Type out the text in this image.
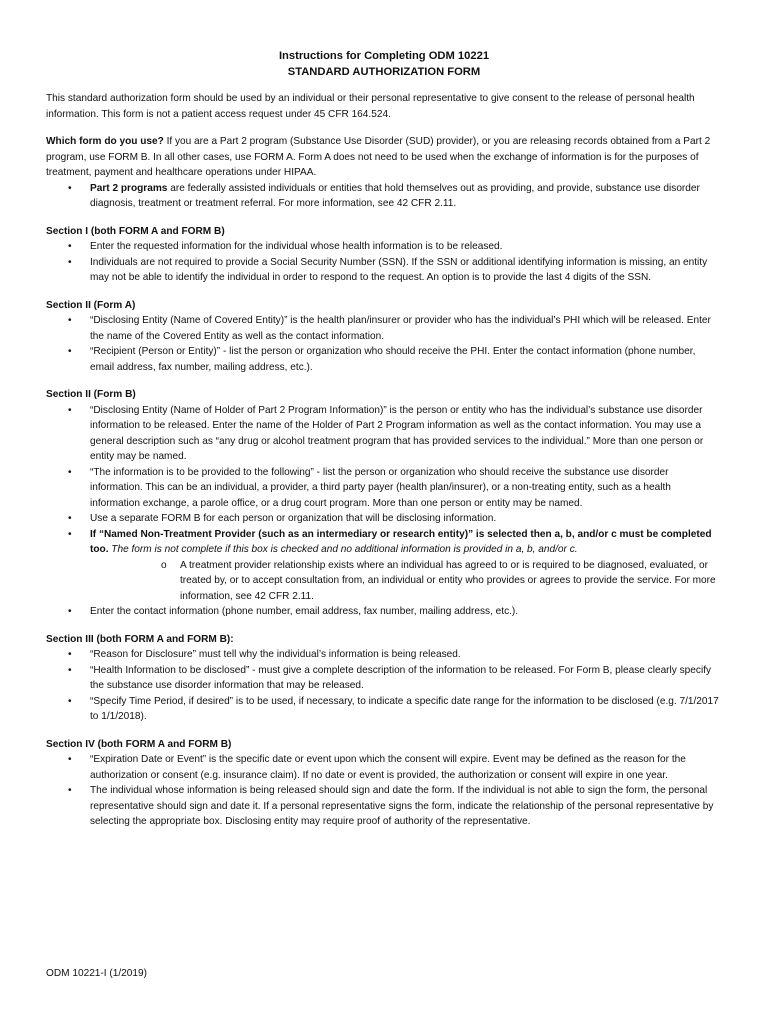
Instructions for Completing ODM 10221
STANDARD AUTHORIZATION FORM

This standard authorization form should be used by an individual or their personal representative to give consent to the release of personal health information. This form is not a patient access request under 45 CFR 164.524.

Which form do you use? If you are a Part 2 program (Substance Use Disorder (SUD) provider), or you are releasing records obtained from a Part 2 program, use FORM B. In all other cases, use FORM A. Form A does not need to be used when the exchange of information is for the purposes of treatment, payment and healthcare operations under HIPAA.

• Part 2 programs are federally assisted individuals or entities that hold themselves out as providing, and provide, substance use disorder diagnosis, treatment or treatment referral. For more information, see 42 CFR 2.11.

Section I (both FORM A and FORM B)

• Enter the requested information for the individual whose health information is to be released.
• Individuals are not required to provide a Social Security Number (SSN). If the SSN or additional identifying information is missing, an entity may not be able to identify the individual in order to respond to the request. An option is to provide the last 4 digits of the SSN.

Section II (Form A)

• “Disclosing Entity (Name of Covered Entity)” is the health plan/insurer or provider who has the individual’s PHI which will be released. Enter the name of the Covered Entity as well as the contact information.
• “Recipient (Person or Entity)” - list the person or organization who should receive the PHI. Enter the contact information (phone number, email address, fax number, mailing address, etc.).

Section II (Form B)

• “Disclosing Entity (Name of Holder of Part 2 Program Information)” is the person or entity who has the individual’s substance use disorder information to be released. Enter the name of the Holder of Part 2 Program information as well as the contact information. You may use a general description such as “any drug or alcohol treatment program that has provided services to the individual.” More than one person or entity may be named.
• “The information is to be provided to the following” - list the person or organization who should receive the substance use disorder information. This can be an individual, a provider, a third party payer (health plan/insurer), or a non-treating entity, such as a health information exchange, a parole office, or a drug court program. More than one person or entity may be named.
• Use a separate FORM B for each person or organization that will be disclosing information.
• If “Named Non-Treatment Provider (such as an intermediary or research entity)” is selected then a, b, and/or c must be completed too. The form is not complete if this box is checked and no additional information is provided in a, b, and/or c.
o A treatment provider relationship exists where an individual has agreed to or is required to be diagnosed, evaluated, or treated by, or to accept consultation from, an individual or entity who provides or agrees to provide the service. For more information, see 42 CFR 2.11.
• Enter the contact information (phone number, email address, fax number, mailing address, etc.).

Section III (both FORM A and FORM B):

• “Reason for Disclosure” must tell why the individual’s information is being released.
• “Health Information to be disclosed” - must give a complete description of the information to be released. For Form B, please clearly specify the substance use disorder information that may be released.
• “Specify Time Period, if desired” is to be used, if necessary, to indicate a specific date range for the information to be disclosed (e.g. 7/1/2017 to 1/1/2018).

Section IV (both FORM A and FORM B)

• “Expiration Date or Event” is the specific date or event upon which the consent will expire. Event may be defined as the reason for the authorization or consent (e.g. insurance claim). If no date or event is provided, the authorization or consent will expire in one year.
• The individual whose information is being released should sign and date the form. If the individual is not able to sign the form, the personal representative should sign and date it. If a personal representative signs the form, indicate the relationship of the personal representative by selecting the appropriate box. Disclosing entity may require proof of authority of the representative.
ODM 10221-I (1/2019)
